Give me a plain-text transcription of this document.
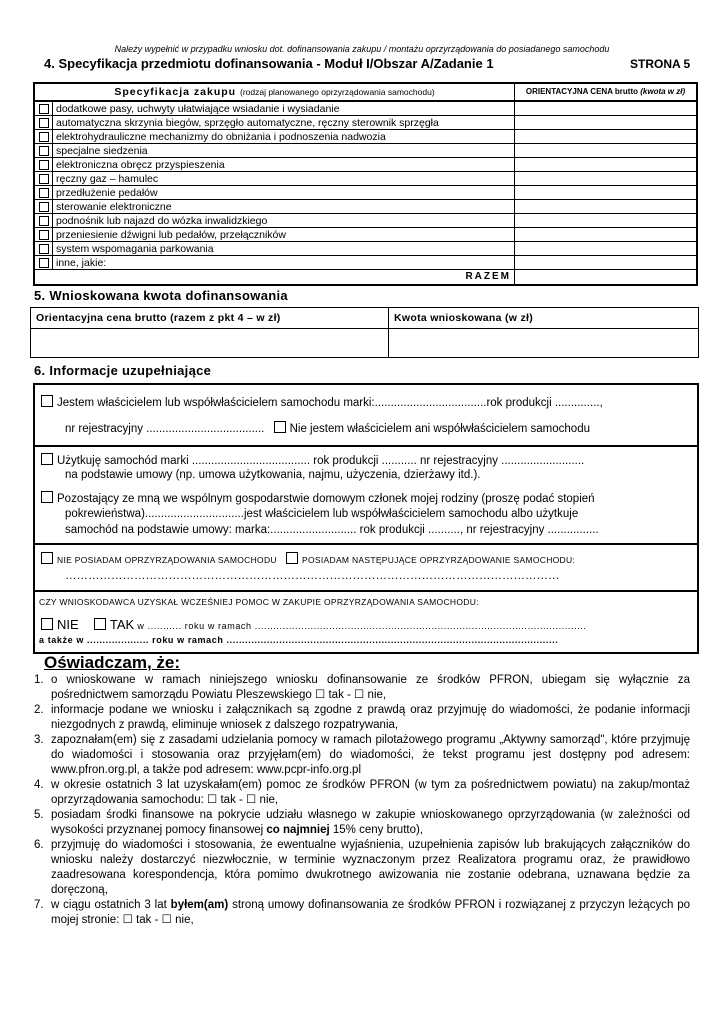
Należy wypełnić w przypadku wniosku dot. dofinansowania zakupu / montażu oprzyrządowania do posiadanego samochodu
4. Specyfikacja przedmiotu dofinansowania - Moduł I/Obszar A/Zadanie 1	STRONA 5
Specyfikacja zakupu (rodzaj planowanego oprzyrządowania samochodu)		ORIENTACYJNA CENA brutto (kwota w zł)
	dodatkowe pasy, uchwyty ułatwiające wsiadanie i wysiadanie	
	automatyczna skrzynia biegów, sprzęgło automatyczne, ręczny sterownik sprzęgła	
	elektrohydrauliczne mechanizmy do obniżania i podnoszenia nadwozia	
	specjalne siedzenia	
	elektroniczna obręcz przyspieszenia	
	ręczny gaz – hamulec	
	przedłużenie pedałów	
	sterowanie elektroniczne	
	podnośnik lub najazd do wózka inwalidzkiego	
	przeniesienie dźwigni lub pedałów, przełączników	
	system wspomagania parkowania	
	inne, jakie:	
RAZEM		
5. Wnioskowana kwota dofinansowania
Orientacyjna cena brutto (razem z pkt 4 – w zł)	Kwota wnioskowana (w zł)

6. Informacje uzupełniające
Jestem właścicielem lub współwłaścicielem samochodu marki:...................................rok produkcji ..............,
nr rejestracyjny ..................................... Nie jestem właścicielem ani współwłaścicielem samochodu
Użytkuję samochód marki ..................................... rok produkcji ........... nr rejestracyjny ..........................
na podstawie umowy (np. umowa użytkowania, najmu, użyczenia, dzierżawy itd.).
Pozostający ze mną we wspólnym gospodarstwie domowym członek mojej rodziny (proszę podać stopień
pokrewieństwa)...............................jest właścicielem lub współwłaścicielem samochodu albo użytkuje
samochód na podstawie umowy: marka:........................... rok produkcji .........., nr rejestracyjny ................
NIE POSIADAM OPRZYRZĄDOWANIA SAMOCHODU	POSIADAM NASTĘPUJĄCE OPRZYRZĄDOWANIE SAMOCHODU:
…………………………………………………………………………………………………………………
CZY WNIOSKODAWCA UZYSKAŁ WCZEŚNIEJ POMOC W ZAKUPIE OPRZYRZĄDOWANIA SAMOCHODU:
NIE TAK w ........... roku w ramach ...........................................................................................................
a także w .................... roku w ramach ...........................................................................................................
Oświadczam, że:
1. o wnioskowane w ramach niniejszego wniosku dofinansowanie ze środków PFRON, ubiegam się wyłącznie za pośrednictwem samorządu Powiatu Pleszewskiego ☐ tak - ☐ nie,
2. informacje podane we wniosku i załącznikach są zgodne z prawdą oraz przyjmuję do wiadomości, że podanie informacji niezgodnych z prawdą, eliminuje wniosek z dalszego rozpatrywania,
3. zapoznałam(em) się z zasadami udzielania pomocy w ramach pilotażowego programu „Aktywny samorząd", które przyjmuję do wiadomości i stosowania oraz przyjęłam(em) do wiadomości, że tekst programu jest dostępny pod adresem: www.pfron.org.pl, a także pod adresem: www.pcpr-info.org.pl
4. w okresie ostatnich 3 lat uzyskałam(em) pomoc ze środków PFRON (w tym za pośrednictwem powiatu) na zakup/montaż oprzyrządowania samochodu: ☐ tak - ☐ nie,
5. posiadam środki finansowe na pokrycie udziału własnego w zakupie wnioskowanego oprzyrządowania (w zależności od wysokości przyznanej pomocy finansowej co najmniej 15% ceny brutto),
6. przyjmuję do wiadomości i stosowania, że ewentualne wyjaśnienia, uzupełnienia zapisów lub brakujących załączników do wniosku należy dostarczyć niezwłocznie, w terminie wyznaczonym przez Realizatora programu oraz, że prawidłowo zaadresowana korespondencja, która pomimo dwukrotnego awizowania nie zostanie odebrana, uznawana będzie za doręczoną,
7. w ciągu ostatnich 3 lat byłem(am) stroną umowy dofinansowania ze środków PFRON i rozwiązanej z przyczyn leżących po mojej stronie: ☐ tak - ☐ nie,
